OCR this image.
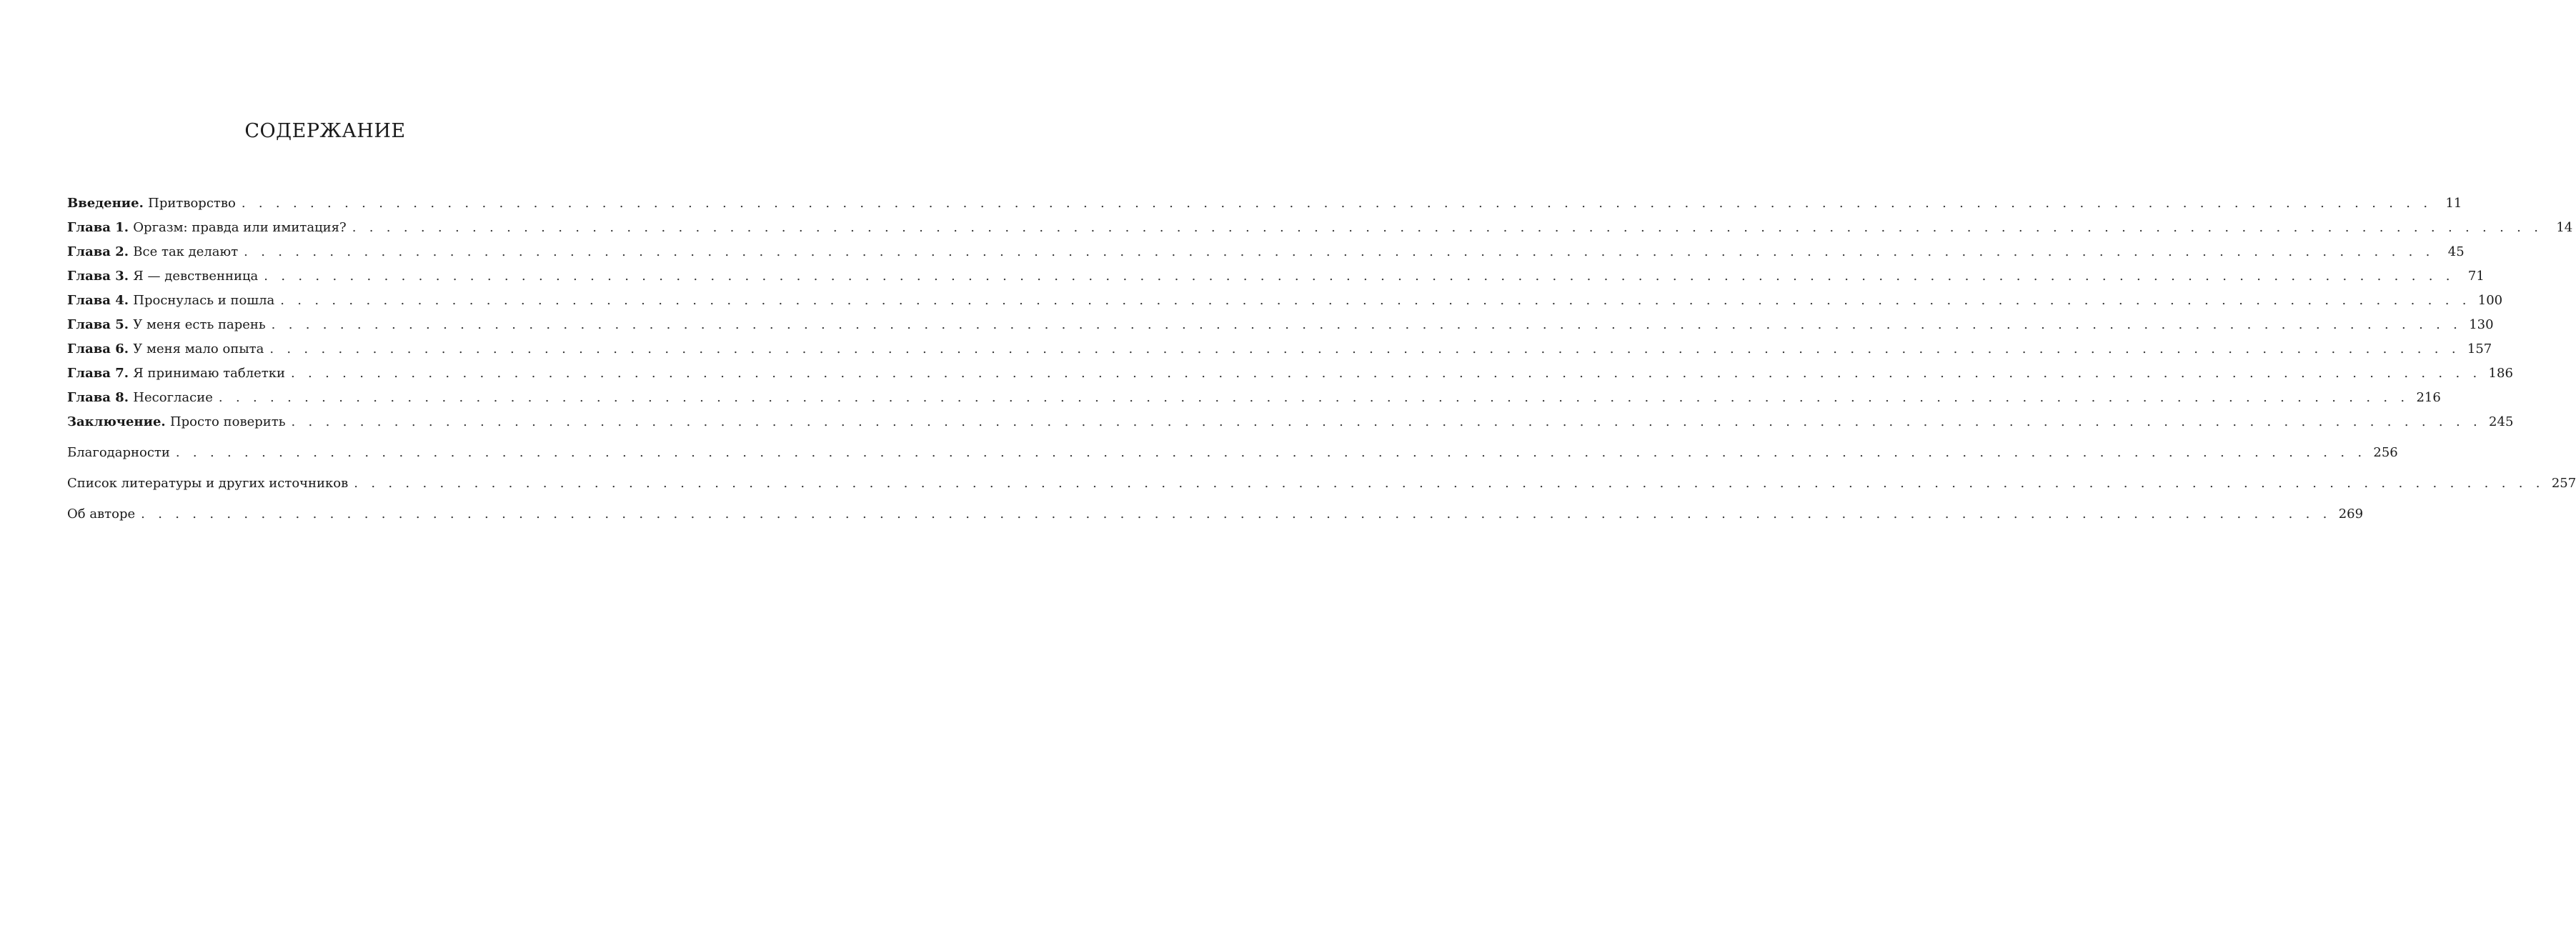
СОДЕРЖАНИЕ
Введение. Притворство . . . . . . . . . . . . . . . . . . . . . . . . . . . . . . . . . . . . . . . . . . . . . . . . . . . . . . . . . . . . . . . . . . . . . . . . . . . . . . . . . . . . . . . . . . . . . . . . . . . . . . . . . . . . . . . . . . . . . . . . . . . . . . . .	11
Глава 1. Оргазм: правда или имитация? . . . . . . . . . . . . . . . . . . . . . . . . . . . . . . . . . . . . . . . . . . . . . . . . . . . . . . . . . . . . . . . . . . . . . . . . . . . . . . . . . . . . . . . . . . . . . . . . . . . . . . . . . . . . . . . . . . . . . . . . . . . . . . . .	14
Глава 2. Все так делают . . . . . . . . . . . . . . . . . . . . . . . . . . . . . . . . . . . . . . . . . . . . . . . . . . . . . . . . . . . . . . . . . . . . . . . . . . . . . . . . . . . . . . . . . . . . . . . . . . . . . . . . . . . . . . . . . . . . . . . . . . . . . . . .	45
Глава 3. Я — девственница . . . . . . . . . . . . . . . . . . . . . . . . . . . . . . . . . . . . . . . . . . . . . . . . . . . . . . . . . . . . . . . . . . . . . . . . . . . . . . . . . . . . . . . . . . . . . . . . . . . . . . . . . . . . . . . . . . . . . . . . . . . . . . . .	71
Глава 4. Проснулась и пошла . . . . . . . . . . . . . . . . . . . . . . . . . . . . . . . . . . . . . . . . . . . . . . . . . . . . . . . . . . . . . . . . . . . . . . . . . . . . . . . . . . . . . . . . . . . . . . . . . . . . . . . . . . . . . . . . . . . . . . . . . . . . . . . . 100
Глава 5. У меня есть парень . . . . . . . . . . . . . . . . . . . . . . . . . . . . . . . . . . . . . . . . . . . . . . . . . . . . . . . . . . . . . . . . . . . . . . . . . . . . . . . . . . . . . . . . . . . . . . . . . . . . . . . . . . . . . . . . . . . . . . . . . . . . . . . . 130
Глава 6. У меня мало опыта . . . . . . . . . . . . . . . . . . . . . . . . . . . . . . . . . . . . . . . . . . . . . . . . . . . . . . . . . . . . . . . . . . . . . . . . . . . . . . . . . . . . . . . . . . . . . . . . . . . . . . . . . . . . . . . . . . . . . . . . . . . . . . . . 157
Глава 7. Я принимаю таблетки . . . . . . . . . . . . . . . . . . . . . . . . . . . . . . . . . . . . . . . . . . . . . . . . . . . . . . . . . . . . . . . . . . . . . . . . . . . . . . . . . . . . . . . . . . . . . . . . . . . . . . . . . . . . . . . . . . . . . . . . . . . . . . . . 186
Глава 8. Несогласие . . . . . . . . . . . . . . . . . . . . . . . . . . . . . . . . . . . . . . . . . . . . . . . . . . . . . . . . . . . . . . . . . . . . . . . . . . . . . . . . . . . . . . . . . . . . . . . . . . . . . . . . . . . . . . . . . . . . . . . . . . . . . . . . 216
Заключение. Просто поверить . . . . . . . . . . . . . . . . . . . . . . . . . . . . . . . . . . . . . . . . . . . . . . . . . . . . . . . . . . . . . . . . . . . . . . . . . . . . . . . . . . . . . . . . . . . . . . . . . . . . . . . . . . . . . . . . . . . . . . . . . . . . . . . . 245
Благодарности . . . . . . . . . . . . . . . . . . . . . . . . . . . . . . . . . . . . . . . . . . . . . . . . . . . . . . . . . . . . . . . . . . . . . . . . . . . . . . . . . . . . . . . . . . . . . . . . . . . . . . . . . . . . . . . . . . . . . . . . . . . . . . . . 256
Список литературы и других источников . . . . . . . . . . . . . . . . . . . . . . . . . . . . . . . . . . . . . . . . . . . . . . . . . . . . . . . . . . . . . . . . . . . . . . . . . . . . . . . . . . . . . . . . . . . . . . . . . . . . . . . . . . . . . . . . . . . . . . . . . . . . . . . . 257
Об авторе . . . . . . . . . . . . . . . . . . . . . . . . . . . . . . . . . . . . . . . . . . . . . . . . . . . . . . . . . . . . . . . . . . . . . . . . . . . . . . . . . . . . . . . . . . . . . . . . . . . . . . . . . . . . . . . . . . . . . . . . . . . . . . . . 269
